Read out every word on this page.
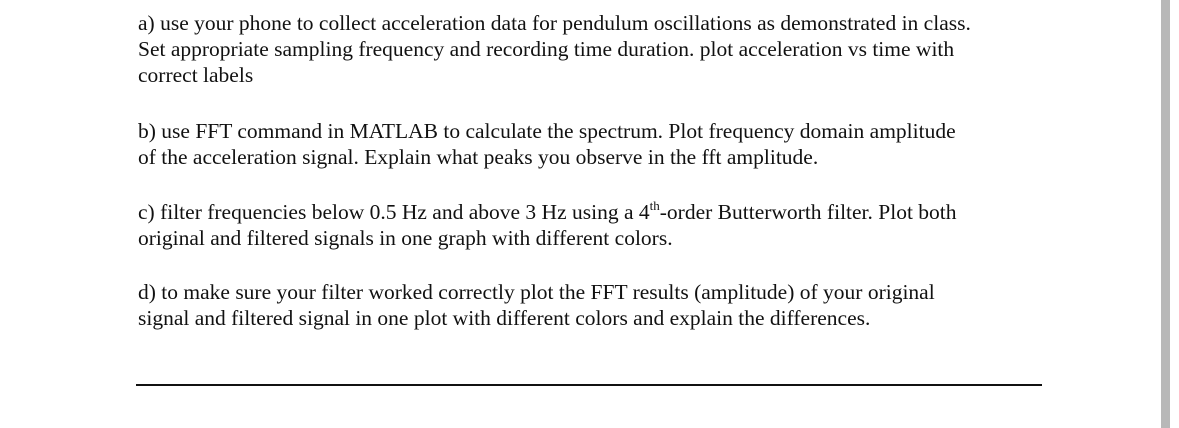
a) use your phone to collect acceleration data for pendulum oscillations as demonstrated in class.
Set appropriate sampling frequency and recording time duration. plot acceleration vs time with
correct labels

b) use FFT command in MATLAB to calculate the spectrum. Plot frequency domain amplitude
of the acceleration signal. Explain what peaks you observe in the fft amplitude.

c) filter frequencies below 0.5 Hz and above 3 Hz using a 4th-order Butterworth filter. Plot both
original and filtered signals in one graph with different colors.

d) to make sure your filter worked correctly plot the FFT results (amplitude) of your original
signal and filtered signal in one plot with different colors and explain the differences.
